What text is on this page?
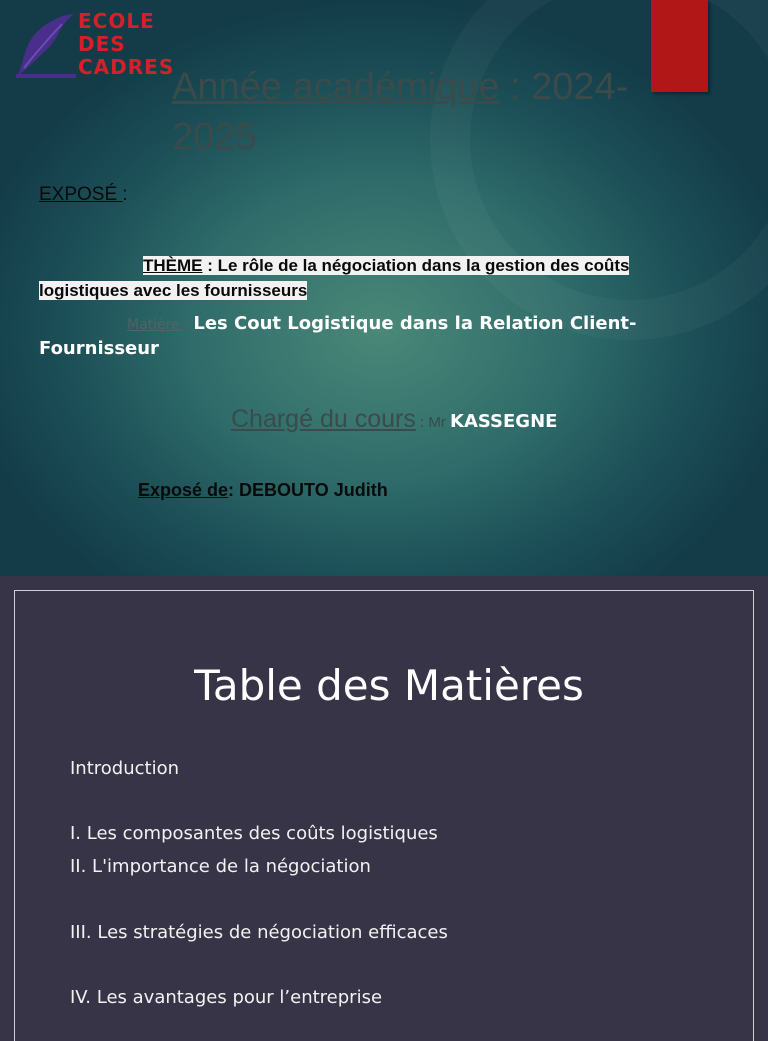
ECOLE
DES
CADRES
Année académique : 2024-2025
EXPOSÉ :
THÈME : Le rôle de la négociation dans la gestion des coûts logistiques avec les fournisseurs
Matière : Les Cout Logistique dans la Relation Client-Fournisseur
Chargé du cours : Mr KASSEGNE
Exposé de: DEBOUTO Judith
Table des Matières
Introduction
I. Les composantes des coûts logistiques
II. L'importance de la négociation
III. Les stratégies de négociation efficaces
IV. Les avantages pour l’entreprise
